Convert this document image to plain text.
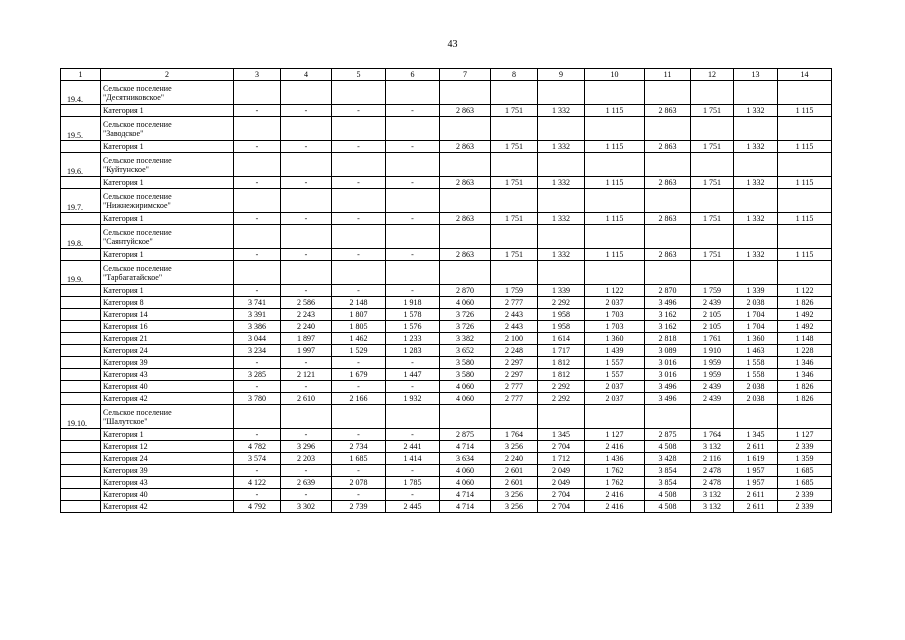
43
1	2	3	4	5	6	7	8	9	10	11	12	13	14
19.4.	Сельское поселение
"Десятниковское"												

	Категория 1	-	-	-	-	2 863	1 751	1 332	1 115	2 863	1 751	1 332	1 115
19.5.	Сельское поселение
"Заводское"												

	Категория 1	-	-	-	-	2 863	1 751	1 332	1 115	2 863	1 751	1 332	1 115
19.6.	Сельское поселение
"Куйтунское"												

	Категория 1	-	-	-	-	2 863	1 751	1 332	1 115	2 863	1 751	1 332	1 115
19.7.	Сельское поселение
"Нижнежиримское"												

	Категория 1	-	-	-	-	2 863	1 751	1 332	1 115	2 863	1 751	1 332	1 115
19.8.	Сельское поселение
"Саянтуйское"												

	Категория 1	-	-	-	-	2 863	1 751	1 332	1 115	2 863	1 751	1 332	1 115
19.9.	Сельское поселение
"Тарбагатайское"												

	Категория 1	-	-	-	-	2 870	1 759	1 339	1 122	2 870	1 759	1 339	1 122
	Категория 8	3 741	2 586	2 148	1 918	4 060	2 777	2 292	2 037	3 496	2 439	2 038	1 826
	Категория 14	3 391	2 243	1 807	1 578	3 726	2 443	1 958	1 703	3 162	2 105	1 704	1 492
	Категория 16	3 386	2 240	1 805	1 576	3 726	2 443	1 958	1 703	3 162	2 105	1 704	1 492
	Категория 21	3 044	1 897	1 462	1 233	3 382	2 100	1 614	1 360	2 818	1 761	1 360	1 148
	Категория 24	3 234	1 997	1 529	1 283	3 652	2 248	1 717	1 439	3 089	1 910	1 463	1 228
	Категория 39	-	-	-	-	3 580	2 297	1 812	1 557	3 016	1 959	1 558	1 346
	Категория 43	3 285	2 121	1 679	1 447	3 580	2 297	1 812	1 557	3 016	1 959	1 558	1 346
	Категория 40	-	-	-	-	4 060	2 777	2 292	2 037	3 496	2 439	2 038	1 826
	Категория 42	3 780	2 610	2 166	1 932	4 060	2 777	2 292	2 037	3 496	2 439	2 038	1 826
19.10.	Сельское поселение
"Шалутское"												

	Категория 1	-	-	-	-	2 875	1 764	1 345	1 127	2 875	1 764	1 345	1 127
	Категория 12	4 782	3 296	2 734	2 441	4 714	3 256	2 704	2 416	4 508	3 132	2 611	2 339
	Категория 24	3 574	2 203	1 685	1 414	3 634	2 240	1 712	1 436	3 428	2 116	1 619	1 359
	Категория 39	-	-	-	-	4 060	2 601	2 049	1 762	3 854	2 478	1 957	1 685
	Категория 43	4 122	2 639	2 078	1 785	4 060	2 601	2 049	1 762	3 854	2 478	1 957	1 685
	Категория 40	-	-	-	-	4 714	3 256	2 704	2 416	4 508	3 132	2 611	2 339
	Категория 42	4 792	3 302	2 739	2 445	4 714	3 256	2 704	2 416	4 508	3 132	2 611	2 339
